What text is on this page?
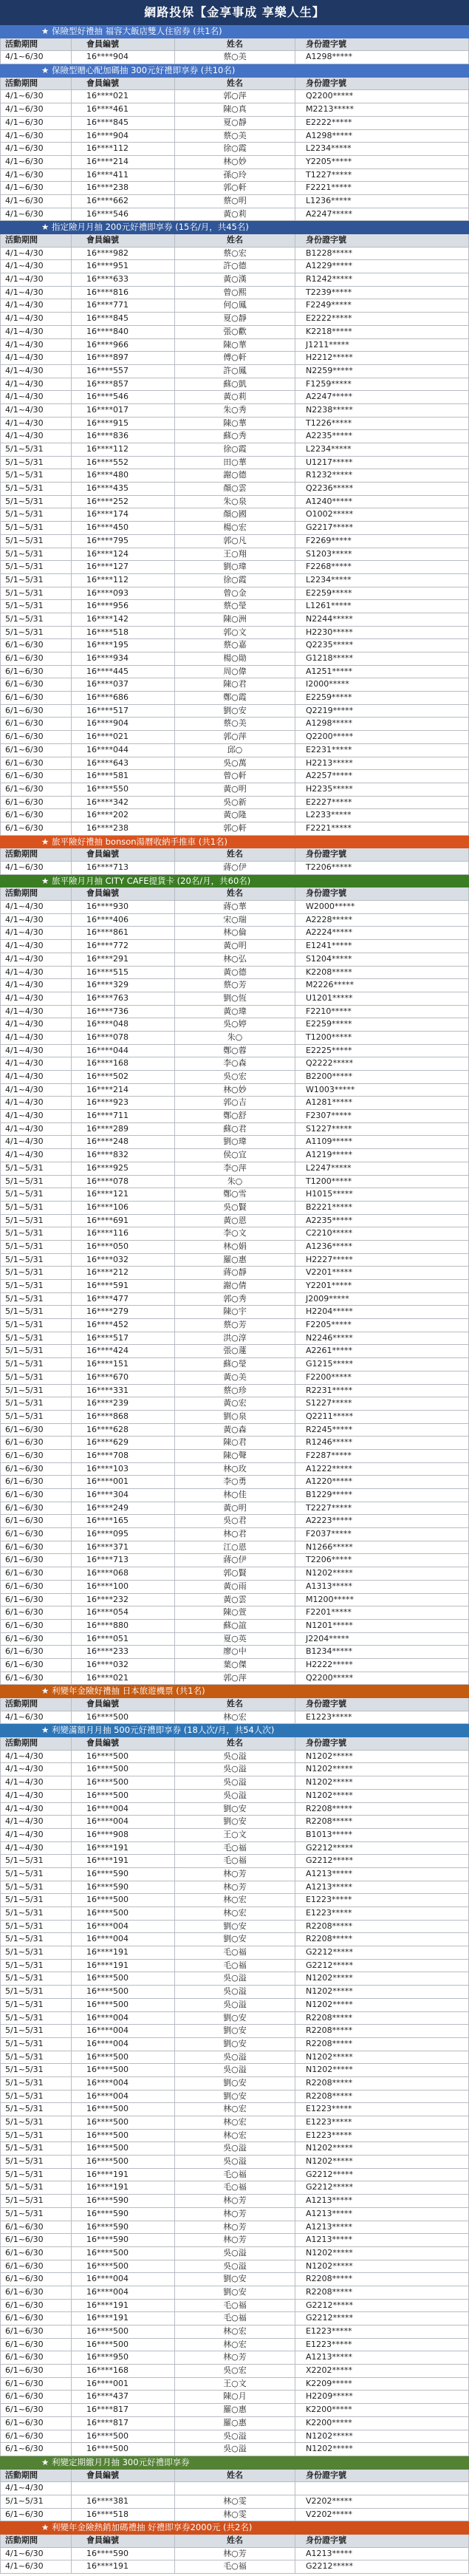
網路投保【金享事成 享樂人生】
★ 保險型好禮抽 福容大飯店雙人住宿券 (共1名)
活動期間	會員編號	姓名	身份證字號
4/1~6/30	16****904	蔡○美	A1298*****
★ 保險型贈心配加碼抽 300元好禮即享券 (共10名)
活動期間	會員編號	姓名	身份證字號
4/1~6/30	16****021	郭○萍	Q2200*****
4/1~6/30	16****461	陳○真	M2213*****
4/1~6/30	16****845	夏○靜	E2222*****
4/1~6/30	16****904	蔡○美	A1298*****
4/1~6/30	16****112	徐○霞	L2234*****
4/1~6/30	16****214	林○妙	Y2205*****
4/1~6/30	16****411	孫○玲	T1227*****
4/1~6/30	16****238	郭○軒	F2221*****
4/1~6/30	16****662	蔡○明	L1236*****
4/1~6/30	16****546	黃○莉	A2247*****
★ 指定險月月抽 200元好禮即享券 (15名/月，共45名)
活動期間	會員編號	姓名	身份證字號
4/1~4/30	16****982	蔡○宏	B1228*****
4/1~4/30	16****951	許○德	A1229*****
4/1~4/30	16****633	黃○漢	R1242*****
4/1~4/30	16****816	曾○熙	T2239*****
4/1~4/30	16****771	何○鳳	F2249*****
4/1~4/30	16****845	夏○靜	E2222*****
4/1~4/30	16****840	張○歡	K2218*****
4/1~4/30	16****966	陳○華	J1211*****
4/1~4/30	16****897	傅○軒	H2212*****
4/1~4/30	16****557	許○鳳	N2259*****
4/1~4/30	16****857	蘇○凱	F1259*****
4/1~4/30	16****546	黃○莉	A2247*****
4/1~4/30	16****017	朱○秀	N2238*****
4/1~4/30	16****915	陳○華	T1226*****
4/1~4/30	16****836	蘇○秀	A2235*****
5/1~5/31	16****112	徐○霞	L2234*****
5/1~5/31	16****552	田○華	U1217*****
5/1~5/31	16****480	謝○德	R1232*****
5/1~5/31	16****435	顏○雲	Q2236*****
5/1~5/31	16****252	朱○泉	A1240*****
5/1~5/31	16****174	顏○國	O1002*****
5/1~5/31	16****450	楊○宏	G2217*****
5/1~5/31	16****795	郭○凡	F2269*****
5/1~5/31	16****124	王○翔	S1203*****
5/1~5/31	16****127	劉○瑋	F2268*****
5/1~5/31	16****112	徐○霞	L2234*****
5/1~5/31	16****093	曾○金	E2259*****
5/1~5/31	16****956	蔡○瑩	L1261*****
5/1~5/31	16****142	陳○洲	N2244*****
5/1~5/31	16****518	郭○文	H2230*****
6/1~6/30	16****195	蔡○嘉	Q2235*****
6/1~6/30	16****934	楊○勛	G1218*****
6/1~6/30	16****445	周○偉	A1251*****
6/1~6/30	16****037	陳○君	I2000*****
6/1~6/30	16****686	鄭○霞	E2259*****
6/1~6/30	16****517	劉○安	Q2219*****
6/1~6/30	16****904	蔡○美	A1298*****
6/1~6/30	16****021	郭○萍	Q2200*****
6/1~6/30	16****044	邱○	E2231*****
6/1~6/30	16****643	吳○萬	H2213*****
6/1~6/30	16****581	曾○軒	A2257*****
6/1~6/30	16****550	黃○明	H2235*****
6/1~6/30	16****342	吳○新	E2227*****
6/1~6/30	16****202	黃○隆	L2233*****
6/1~6/30	16****238	郭○軒	F2221*****
★ 旅平險好禮抽 bonson湯曆收納手推車 (共1名)
活動期間	會員編號	姓名	身份證字號
4/1~6/30	16****713	蔣○伊	T2206*****
★ 旅平險月月抽 CITY CAFE提貨卡 (20名/月，共60名)
活動期間	會員編號	姓名	身份證字號
4/1~4/30	16****930	蔣○華	W2000*****
4/1~4/30	16****406	宋○瑞	A2228*****
4/1~4/30	16****861	林○倫	A2224*****
4/1~4/30	16****772	黃○明	E1241*****
4/1~4/30	16****291	林○弘	S1204*****
4/1~4/30	16****515	黃○德	K2208*****
4/1~4/30	16****329	蔡○芳	M2226*****
4/1~4/30	16****763	劉○恆	U1201*****
4/1~4/30	16****736	黃○瑋	F2210*****
4/1~4/30	16****048	吳○婷	E2259*****
4/1~4/30	16****078	朱○	T1200*****
4/1~4/30	16****044	鄭○蓉	E2225*****
4/1~4/30	16****168	李○森	Q2222*****
4/1~4/30	16****502	吳○宏	B2200*****
4/1~4/30	16****214	林○妙	W1003*****
4/1~4/30	16****923	郭○吉	A1281*****
4/1~4/30	16****711	鄭○舒	F2307*****
4/1~4/30	16****289	蘇○君	S1227*****
4/1~4/30	16****248	劉○瑋	A1109*****
4/1~4/30	16****832	侯○宜	A1219*****
5/1~5/31	16****925	李○萍	L2247*****
5/1~5/31	16****078	朱○	T1200*****
5/1~5/31	16****121	鄭○雪	H1015*****
5/1~5/31	16****106	吳○賢	B2221*****
5/1~5/31	16****691	黃○恩	A2235*****
5/1~5/31	16****116	李○文	C2210*****
5/1~5/31	16****050	林○娟	A1236*****
5/1~5/31	16****032	羅○惠	H2227*****
5/1~5/31	16****212	蔣○靜	V2201*****
5/1~5/31	16****591	謝○倩	Y2201*****
5/1~5/31	16****477	郭○秀	J2009*****
5/1~5/31	16****279	陳○宇	H2204*****
5/1~5/31	16****452	蔡○芳	F2205*****
5/1~5/31	16****517	洪○淳	N2246*****
5/1~5/31	16****424	張○蓮	A2261*****
5/1~5/31	16****151	蘇○瑩	G1215*****
5/1~5/31	16****670	黃○美	F2200*****
5/1~5/31	16****331	蔡○珍	R2231*****
5/1~5/31	16****239	黃○宏	S1227*****
5/1~5/31	16****868	劉○泉	Q2211*****
6/1~6/30	16****628	黃○森	R2245*****
6/1~6/30	16****629	陳○君	R1246*****
6/1~6/30	16****708	陳○聲	F2287*****
6/1~6/30	16****103	林○玫	A1222*****
6/1~6/30	16****001	李○勇	A1220*****
6/1~6/30	16****304	林○佳	B1229*****
6/1~6/30	16****249	黃○明	T2227*****
6/1~6/30	16****165	吳○君	A2223*****
6/1~6/30	16****095	林○君	F2037*****
6/1~6/30	16****371	江○恩	N1266*****
6/1~6/30	16****713	蔣○伊	T2206*****
6/1~6/30	16****068	郭○賢	N1202*****
6/1~6/30	16****100	黃○雨	A1313*****
6/1~6/30	16****232	黃○雲	M1200*****
6/1~6/30	16****054	陳○萱	F2201*****
6/1~6/30	16****880	蘇○誼	N1201*****
6/1~6/30	16****051	夏○英	J2204*****
6/1~6/30	16****233	廖○中	B1234*****
6/1~6/30	16****032	葉○傑	H2222*****
6/1~6/30	16****021	郭○萍	Q2200*****
★ 利變年金險好禮抽 日本旅遊機票 (共1名)
活動期間	會員編號	姓名	身份證字號
4/1~6/30	16****500	林○宏	E1223*****
★ 利變滿額月月抽 500元好禮即享券 (18人次/月，共54人次)
活動期間	會員編號	姓名	身份證字號
4/1~4/30	16****500	吳○溢	N1202*****
4/1~4/30	16****500	吳○溢	N1202*****
4/1~4/30	16****500	吳○溢	N1202*****
4/1~4/30	16****500	吳○溢	N1202*****
4/1~4/30	16****004	劉○安	R2208*****
4/1~4/30	16****004	劉○安	R2208*****
4/1~4/30	16****908	王○文	B1013*****
4/1~4/30	16****191	毛○福	G2212*****
5/1~5/31	16****191	毛○福	G2212*****
5/1~5/31	16****590	林○芳	A1213*****
5/1~5/31	16****590	林○芳	A1213*****
5/1~5/31	16****500	林○宏	E1223*****
5/1~5/31	16****500	林○宏	E1223*****
5/1~5/31	16****004	劉○安	R2208*****
5/1~5/31	16****004	劉○安	R2208*****
5/1~5/31	16****191	毛○福	G2212*****
5/1~5/31	16****191	毛○福	G2212*****
5/1~5/31	16****500	吳○溢	N1202*****
5/1~5/31	16****500	吳○溢	N1202*****
5/1~5/31	16****500	吳○溢	N1202*****
5/1~5/31	16****004	劉○安	R2208*****
5/1~5/31	16****004	劉○安	R2208*****
5/1~5/31	16****004	劉○安	R2208*****
5/1~5/31	16****500	吳○溢	N1202*****
5/1~5/31	16****500	吳○溢	N1202*****
5/1~5/31	16****004	劉○安	R2208*****
5/1~5/31	16****004	劉○安	R2208*****
5/1~5/31	16****500	林○宏	E1223*****
5/1~5/31	16****500	林○宏	E1223*****
5/1~5/31	16****500	林○宏	E1223*****
5/1~5/31	16****500	吳○溢	N1202*****
5/1~5/31	16****500	吳○溢	N1202*****
5/1~5/31	16****191	毛○福	G2212*****
5/1~5/31	16****191	毛○福	G2212*****
5/1~5/31	16****590	林○芳	A1213*****
5/1~5/31	16****590	林○芳	A1213*****
6/1~6/30	16****590	林○芳	A1213*****
6/1~6/30	16****590	林○芳	A1213*****
6/1~6/30	16****500	吳○溢	N1202*****
6/1~6/30	16****500	吳○溢	N1202*****
6/1~6/30	16****004	劉○安	R2208*****
6/1~6/30	16****004	劉○安	R2208*****
6/1~6/30	16****191	毛○福	G2212*****
6/1~6/30	16****191	毛○福	G2212*****
6/1~6/30	16****500	林○宏	E1223*****
6/1~6/30	16****500	林○宏	E1223*****
6/1~6/30	16****950	林○芳	A1213*****
6/1~6/30	16****168	吳○宏	X2202*****
6/1~6/30	16****001	王○文	K2209*****
6/1~6/30	16****437	陳○月	H2209*****
6/1~6/30	16****817	羅○惠	K2200*****
6/1~6/30	16****817	羅○惠	K2200*****
6/1~6/30	16****500	吳○溢	N1202*****
6/1~6/30	16****500	吳○溢	N1202*****
★ 利變定期繳月月抽 300元好禮即享券
活動期間	會員編號	姓名	身份證字號
4/1~4/30
5/1~5/31	16****381	林○雯	V2202*****
6/1~6/30	16****518	林○雯	V2202*****
★ 利變年金險熱銷加碼禮抽 好禮即享券2000元 (共2名)
活動期間	會員編號	姓名	身份證字號
4/1~6/30	16****590	林○芳	A1213*****
4/1~6/30	16****191	毛○福	G2212*****
